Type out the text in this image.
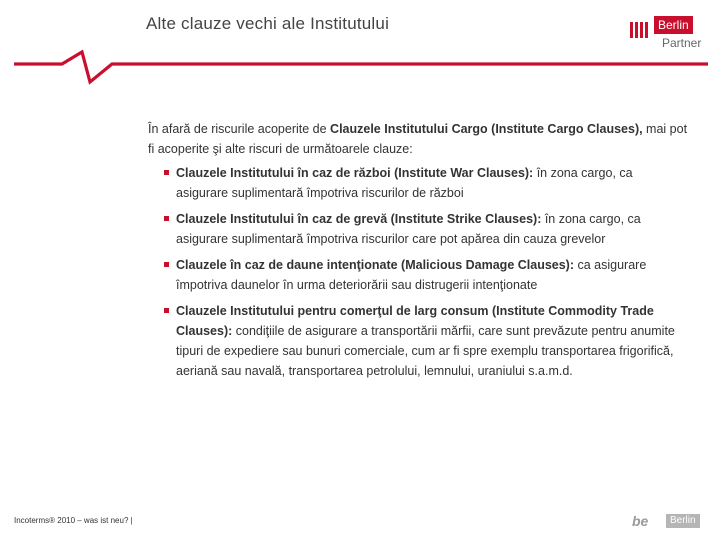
Alte clauze vechi ale Institutului	Berlin
Partner

În afară de riscurile acoperite de Clauzele Institutului Cargo (Institute Cargo Clauses), mai pot fi acoperite şi alte riscuri de următoarele clauze:

Clauzele Institutului în caz de război (Institute War Clauses): în zona cargo, ca asigurare suplimentară împotriva riscurilor de război
Clauzele Institutului în caz de grevă (Institute Strike Clauses): în zona cargo, ca asigurare suplimentară împotriva riscurilor care pot apărea din cauza grevelor
Clauzele în caz de daune intenţionate (Malicious Damage Clauses): ca asigurare împotriva daunelor în urma deteriorării sau distrugerii intenţionate
Clauzele Institutului pentru comerţul de larg consum (Institute Commodity Trade Clauses): condiţiile de asigurare a transportării mărfii, care sunt prevăzute pentru anumite tipuri de expediere sau bunuri comerciale, cum ar fi spre exemplu transportarea frigorifică, aeriană sau navală, transportarea petrolului, lemnului, uraniului s.a.m.d.
Incoterms® 2010 – was ist neu? |	be	Berlin
